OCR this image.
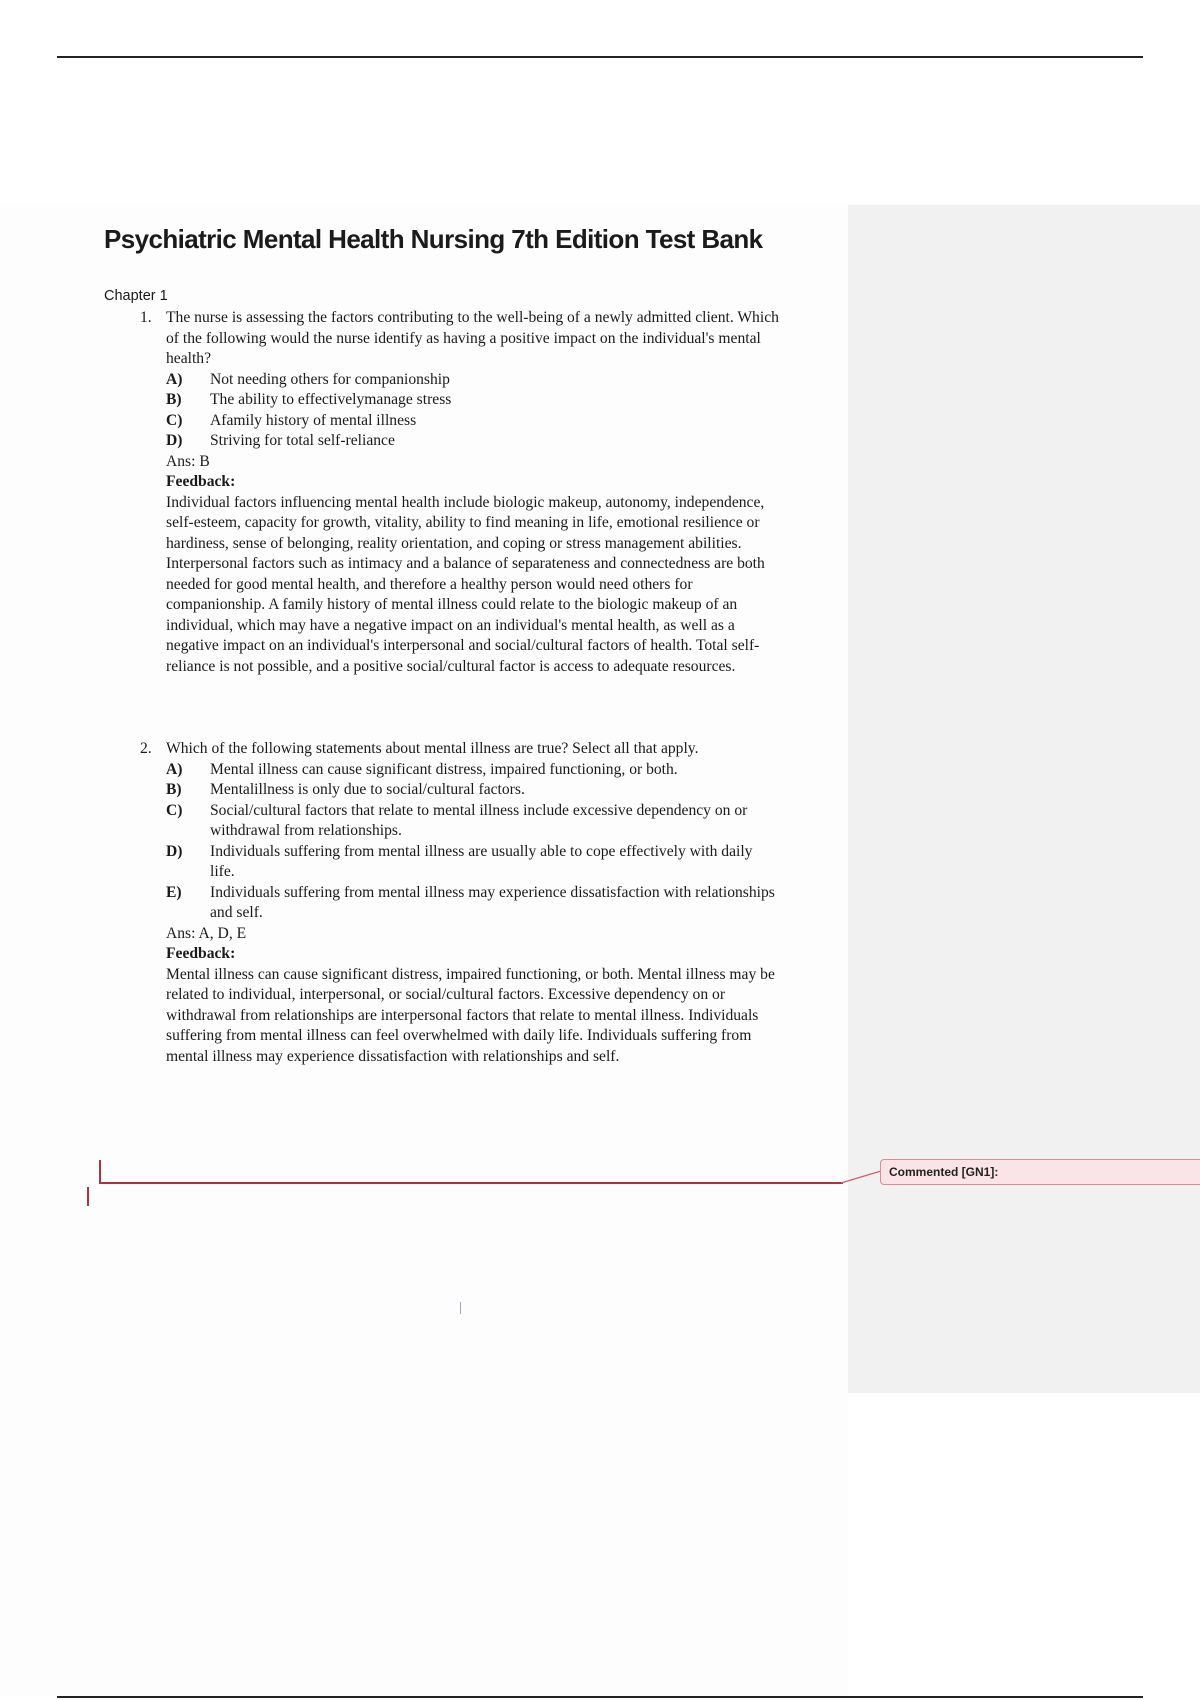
Psychiatric Mental Health Nursing 7th Edition Test Bank
Chapter 1
1. The nurse is assessing the factors contributing to the well-being of a newly admitted client. Which of the following would the nurse identify as having a positive impact on the individual's mental health?
A)	Not needing others for companionship
B)	The ability to effectivelymanage stress
C)	Afamily history of mental illness
D)	Striving for total self-reliance
Ans: B
Feedback:
Individual factors influencing mental health include biologic makeup, autonomy, independence, self-esteem, capacity for growth, vitality, ability to find meaning in life, emotional resilience or hardiness, sense of belonging, reality orientation, and coping or stress management abilities. Interpersonal factors such as intimacy and a balance of separateness and connectedness are both needed for good mental health, and therefore a healthy person would need others for companionship. A family history of mental illness could relate to the biologic makeup of an individual, which may have a negative impact on an individual's mental health, as well as a negative impact on an individual's interpersonal and social/cultural factors of health. Total self-reliance is not possible, and a positive social/cultural factor is access to adequate resources.
2. Which of the following statements about mental illness are true? Select all that apply.
A)	Mental illness can cause significant distress, impaired functioning, or both.
B)	Mentalillness is only due to social/cultural factors.
C)	Social/cultural factors that relate to mental illness include excessive dependency on or withdrawal from relationships.
D)	Individuals suffering from mental illness are usually able to cope effectively with daily life.
E)	Individuals suffering from mental illness may experience dissatisfaction with relationships and self.
Ans: A, D, E
Feedback:
Mental illness can cause significant distress, impaired functioning, or both. Mental illness may be related to individual, interpersonal, or social/cultural factors. Excessive dependency on or withdrawal from relationships are interpersonal factors that relate to mental illness. Individuals suffering from mental illness can feel overwhelmed with daily life. Individuals suffering from mental illness may experience dissatisfaction with relationships and self.
Commented [GN1]:
